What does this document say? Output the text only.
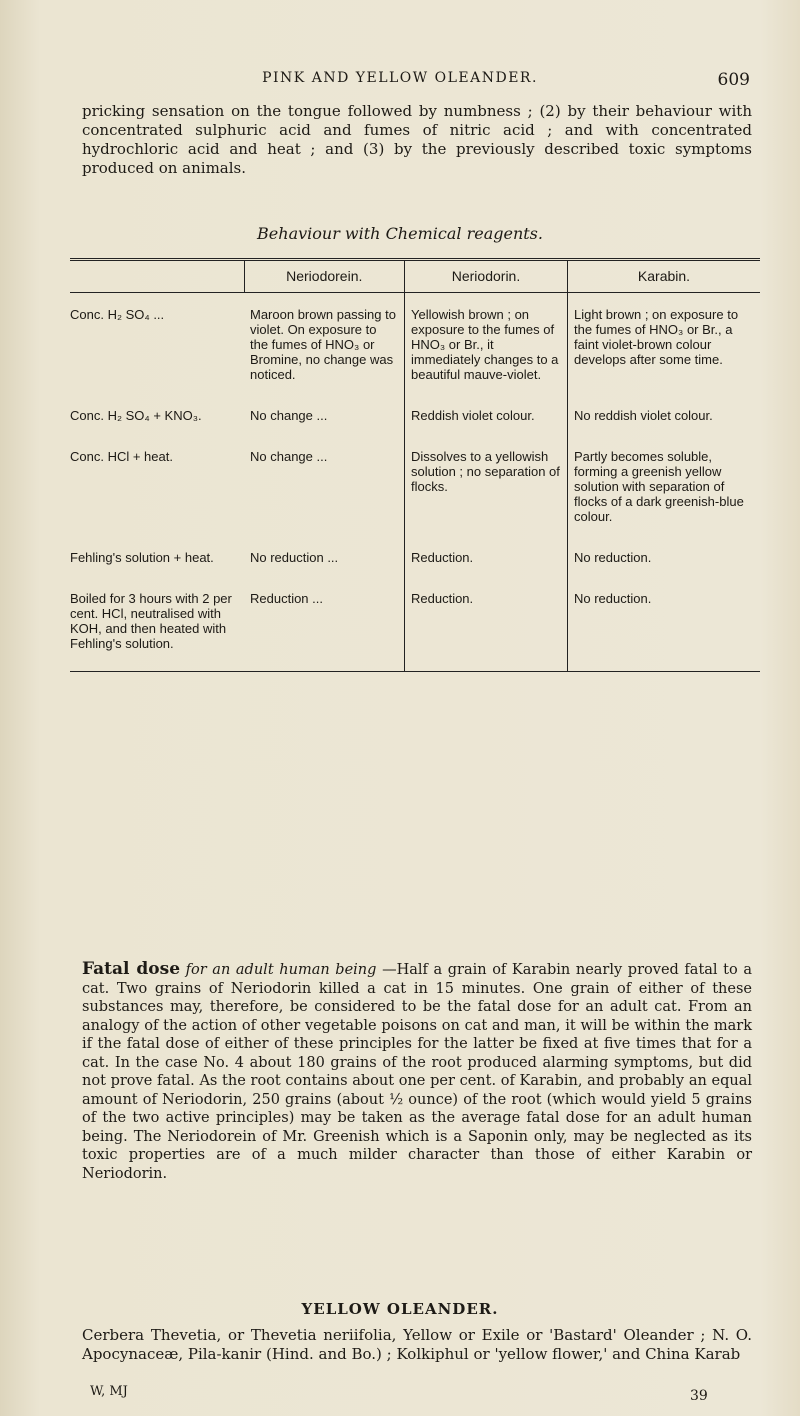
PINK AND YELLOW OLEANDER.	609

pricking sensation on the tongue followed by numbness ; (2) by their behaviour with concentrated sulphuric acid and fumes of nitric acid ; and with concentrated hydrochloric acid and heat ; and (3) by the previously described toxic symptoms produced on animals.

Behaviour with Chemical reagents.
	Neriodorein.	Neriodorin.	Karabin.
Conc. H₂ SO₄ ...	Maroon brown passing to violet. On exposure to the fumes of HNO₃ or Bromine, no change was noticed.	Yellowish brown ; on exposure to the fumes of HNO₃ or Br., it immediately changes to a beautiful mauve-violet.	Light brown ; on exposure to the fumes of HNO₃ or Br., a faint violet-brown colour develops after some time.
Conc. H₂ SO₄ + KNO₃.	No change ...	Reddish violet colour.	No reddish violet colour.
Conc. HCl + heat.	No change ...	Dissolves to a yellowish solution ; no separation of flocks.	Partly becomes soluble, forming a greenish yellow solution with separation of flocks of a dark greenish-blue colour.
Fehling's solution + heat.	No reduction ...	Reduction.	No reduction.
Boiled for 3 hours with 2 per cent. HCl, neutralised with KOH, and then heated with Fehling's solution.	Reduction ...	Reduction.	No reduction.

Fatal dose for an adult human being —Half a grain of Karabin nearly proved fatal to a cat. Two grains of Neriodorin killed a cat in 15 minutes. One grain of either of these substances may, therefore, be considered to be the fatal dose for an adult cat. From an analogy of the action of other vegetable poisons on cat and man, it will be within the mark if the fatal dose of either of these principles for the latter be fixed at five times that for a cat. In the case No. 4 about 180 grains of the root produced alarming symptoms, but did not prove fatal. As the root contains about one per cent. of Karabin, and probably an equal amount of Neriodorin, 250 grains (about ½ ounce) of the root (which would yield 5 grains of the two active principles) may be taken as the average fatal dose for an adult human being. The Neriodorein of Mr. Greenish which is a Saponin only, may be neglected as its toxic properties are of a much milder character than those of either Karabin or Neriodorin.

YELLOW OLEANDER.

Cerbera Thevetia, or Thevetia neriifolia, Yellow or Exile or 'Bastard' Oleander ; N. O. Apocynaceæ, Pila-kanir (Hind. and Bo.) ; Kolkiphul or 'yellow flower,' and China Karab

W, MJ	39
